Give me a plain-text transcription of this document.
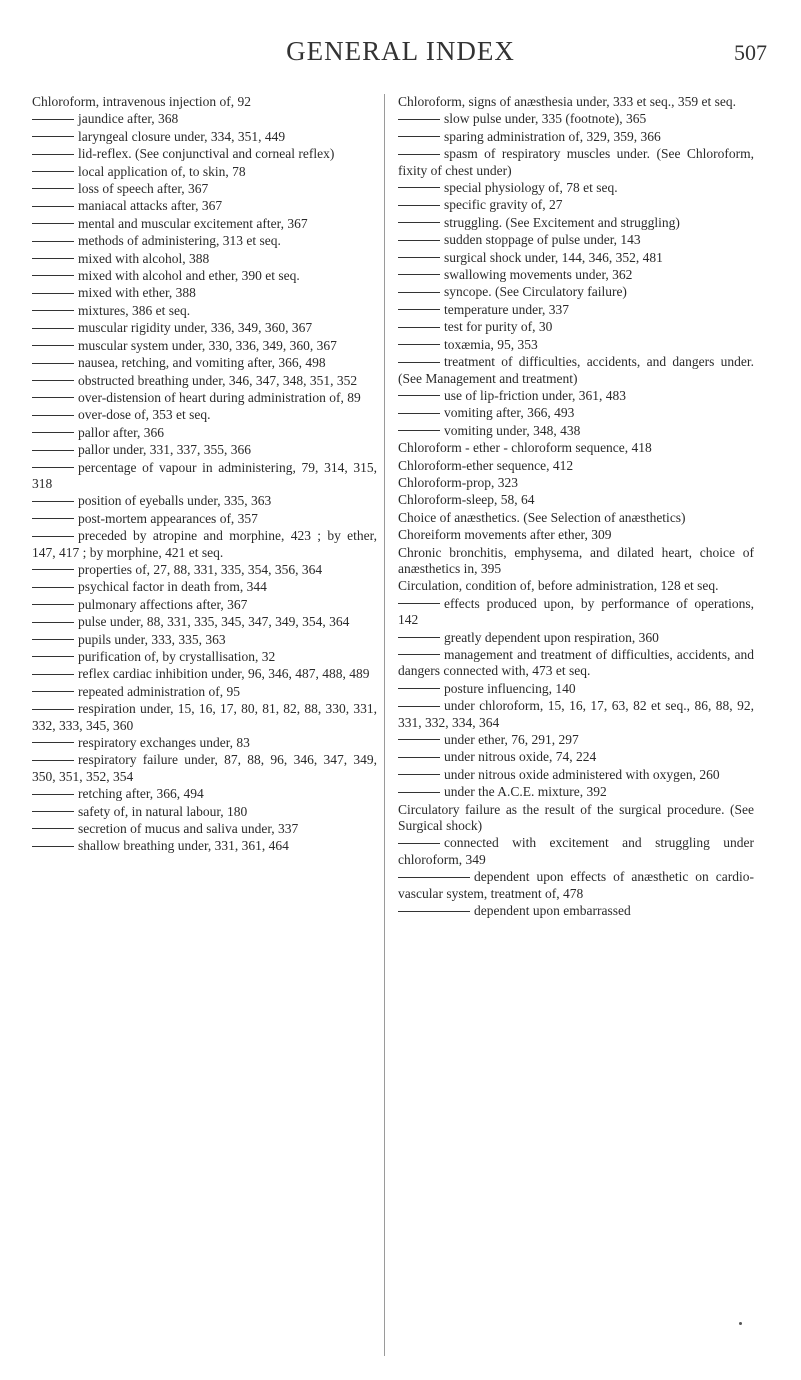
GENERAL INDEX	507
Chloroform, intravenous injection of, 92
jaundice after, 368
laryngeal closure under, 334, 351, 449
lid-reflex. (See conjunctival and corneal reflex)
local application of, to skin, 78
loss of speech after, 367
maniacal attacks after, 367
mental and muscular excitement after, 367
methods of administering, 313 et seq.
mixed with alcohol, 388
mixed with alcohol and ether, 390 et seq.
mixed with ether, 388
mixtures, 386 et seq.
muscular rigidity under, 336, 349, 360, 367
muscular system under, 330, 336, 349, 360, 367
nausea, retching, and vomiting after, 366, 498
obstructed breathing under, 346, 347, 348, 351, 352
over-distension of heart during administration of, 89
over-dose of, 353 et seq.
pallor after, 366
pallor under, 331, 337, 355, 366
percentage of vapour in administering, 79, 314, 315, 318
position of eyeballs under, 335, 363
post-mortem appearances of, 357
preceded by atropine and morphine, 423 ; by ether, 147, 417 ; by morphine, 421 et seq.
properties of, 27, 88, 331, 335, 354, 356, 364
psychical factor in death from, 344
pulmonary affections after, 367
pulse under, 88, 331, 335, 345, 347, 349, 354, 364
pupils under, 333, 335, 363
purification of, by crystallisation, 32
reflex cardiac inhibition under, 96, 346, 487, 488, 489
repeated administration of, 95
respiration under, 15, 16, 17, 80, 81, 82, 88, 330, 331, 332, 333, 345, 360
respiratory exchanges under, 83
respiratory failure under, 87, 88, 96, 346, 347, 349, 350, 351, 352, 354
retching after, 366, 494
safety of, in natural labour, 180
secretion of mucus and saliva under, 337
shallow breathing under, 331, 361, 464
Chloroform, signs of anæsthesia under, 333 et seq., 359 et seq.
slow pulse under, 335 (footnote), 365
sparing administration of, 329, 359, 366
spasm of respiratory muscles under. (See Chloroform, fixity of chest under)
special physiology of, 78 et seq.
specific gravity of, 27
struggling. (See Excitement and struggling)
sudden stoppage of pulse under, 143
surgical shock under, 144, 346, 352, 481
swallowing movements under, 362
syncope. (See Circulatory failure)
temperature under, 337
test for purity of, 30
toxæmia, 95, 353
treatment of difficulties, accidents, and dangers under. (See Management and treatment)
use of lip-friction under, 361, 483
vomiting after, 366, 493
vomiting under, 348, 438
Chloroform - ether - chloroform sequence, 418
Chloroform-ether sequence, 412
Chloroform-prop, 323
Chloroform-sleep, 58, 64
Choice of anæsthetics. (See Selection of anæsthetics)
Choreiform movements after ether, 309
Chronic bronchitis, emphysema, and dilated heart, choice of anæsthetics in, 395
Circulation, condition of, before administration, 128 et seq.
effects produced upon, by performance of operations, 142
greatly dependent upon respiration, 360
management and treatment of difficulties, accidents, and dangers connected with, 473 et seq.
posture influencing, 140
under chloroform, 15, 16, 17, 63, 82 et seq., 86, 88, 92, 331, 332, 334, 364
under ether, 76, 291, 297
under nitrous oxide, 74, 224
under nitrous oxide administered with oxygen, 260
under the A.C.E. mixture, 392
Circulatory failure as the result of the surgical procedure. (See Surgical shock)
connected with excitement and struggling under chloroform, 349
dependent upon effects of anæsthetic on cardio-vascular system, treatment of, 478
dependent upon embarrassed
